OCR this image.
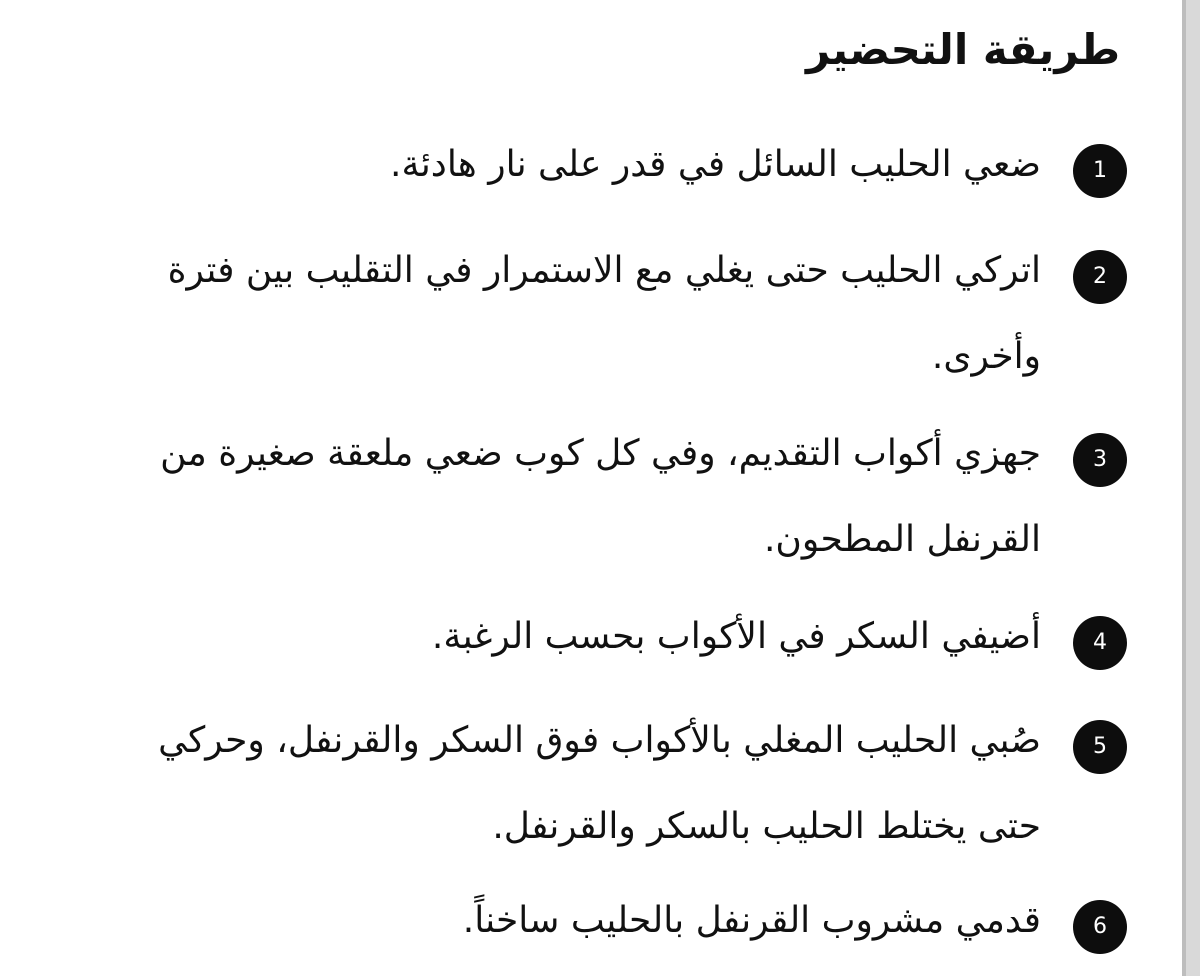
طريقة التحضير
1
ضعي الحليب السائل في قدر على نار هادئة.
2
اتركي الحليب حتى يغلي مع الاستمرار في التقليب بين فترة وأخرى.
3
جهزي أكواب التقديم، وفي كل كوب ضعي ملعقة صغيرة من القرنفل المطحون.
4
أضيفي السكر في الأكواب بحسب الرغبة.
5
صُبي الحليب المغلي بالأكواب فوق السكر والقرنفل، وحركي حتى يختلط الحليب بالسكر والقرنفل.
6
قدمي مشروب القرنفل بالحليب ساخناً.
